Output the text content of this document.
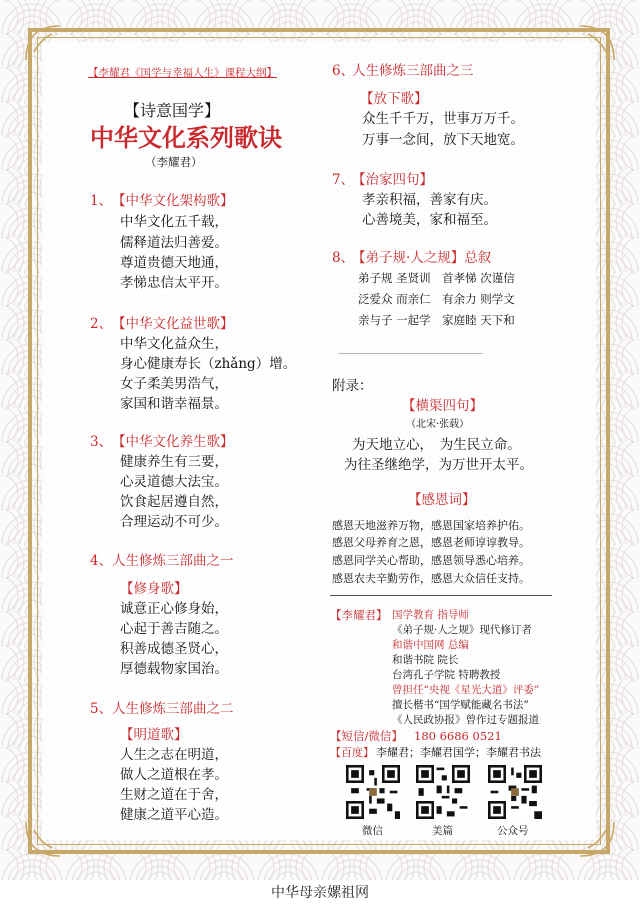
【李耀君《国学与幸福人生》课程大纲】
【诗意国学】
中华文化系列歌诀
（李耀君）
1、 【中华文化架构歌】
中华文化五千载，
儒释道法归善爱。
尊道贵德天地通，
孝悌忠信太平开。
2、 【中华文化益世歌】
中华文化益众生，
身心健康寿长（zhǎng）增。
女子柔美男浩气，
家国和谐幸福景。
3、 【中华文化养生歌】
健康养生有三要，
心灵道德大法宝。
饮食起居遵自然，
合理运动不可少。
4、 人生修炼三部曲之一
【修身歌】
诚意正心修身始，
心起于善吉随之。
积善成德圣贤心，
厚德载物家国治。
5、 人生修炼三部曲之二
【明道歌】
人生之志在明道，
做人之道根在孝。
生财之道在于舍，
健康之道平心造。
6、
人生修炼三部曲之三
【放下歌】
众生千千万，世事万万千。
万事一念间，放下天地宽。
7、
【治家四句】
孝亲积福，善家有庆。
心善境美，家和福至。
8、
【弟子规·人之规】总叙
弟子规 圣贤训　首孝悌 次谨信
泛爱众 而亲仁　有余力 则学文
亲与子 一起学　家庭睦 天下和
——————————————————
附录：
【横渠四句】
（北宋·张载）
为天地立心，　为生民立命。
为往圣继绝学，为万世开太平。
【感恩词】
感恩天地滋养万物，感恩国家培养护佑。
感恩父母养育之恩，感恩老师谆谆教导。
感恩同学关心帮助，感恩领导悉心培养。
感恩农夫辛勤劳作，感恩大众信任支持。
【李耀君】 国学教育 指导师
《弟子规·人之规》现代修订者
和谐中国网 总编
和谐书院 院长
台湾孔子学院 特聘教授
曾担任“央视《星光大道》评委”
擅长楷书“国学赋能藏名书法”
《人民政协报》曾作过专题报道
【短信/微信】 180 6686 0521
【百度】 李耀君；李耀君国学；李耀君书法
微信	美篇	公众号
中华母亲嫘祖网
